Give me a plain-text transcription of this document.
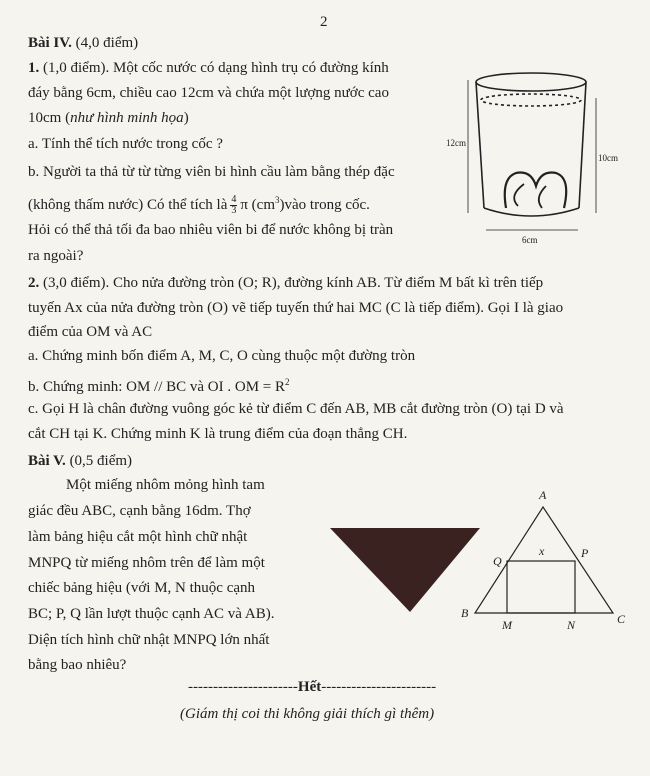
2
Bài IV. (4,0 điểm)
1. (1,0 điểm). Một cốc nước có dạng hình trụ có đường kính
đáy bằng 6cm, chiều cao 12cm và chứa một lượng nước cao
10cm (như hình minh họa)
a. Tính thể tích nước trong cốc ?
b. Người ta thả từ từ từng viên bi hình cầu làm bằng thép đặc
(không thấm nước) Có thể tích là $\frac{4}{3}$ π $(cm^3)vào$ trong cốc.
Hỏi có thể thả tối đa bao nhiêu viên bi để nước không bị tràn
ra ngoài?
12cm
10cm
6cm
2. (3,0 điểm). Cho nửa đường tròn (O; R), đường kính AB. Từ điểm M bất kì trên tiếp
tuyến Ax của nửa đường tròn (O) vẽ tiếp tuyến thứ hai MC (C là tiếp điểm). Gọi I là giao
điểm của OM và AC
a. Chứng minh bốn điểm A, M, C, O cùng thuộc một đường tròn
b. Chứng minh: OM // BC và OI . OM = $R^2$
c. Gọi H là chân đường vuông góc kẻ từ điểm C đến AB, MB cắt đường tròn (O) tại D và
cắt CH tại K. Chứng minh K là trung điểm của đoạn thẳng CH.
Bài V. (0,5 điểm)
Một miếng nhôm mỏng hình tam
giác đều ABC, cạnh bằng 16dm. Thợ
làm bảng hiệu cắt một hình chữ nhật
MNPQ từ miếng nhôm trên để làm một
chiếc bảng hiệu (với M, N thuộc cạnh
BC; P, Q lần lượt thuộc cạnh AC và AB).
Diện tích hình chữ nhật MNPQ lớn nhất
bằng bao nhiêu?
A
B	C
M	N
P
Q
x
----------------------Hết-----------------------
(Giám thị coi thi không giải thích gì thêm)
